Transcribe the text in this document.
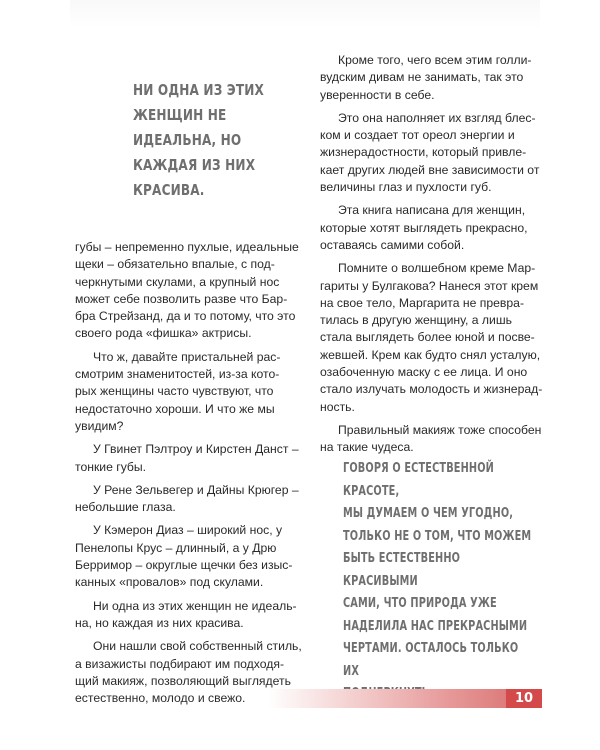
НИ ОДНА ИЗ ЭТИХ
ЖЕНЩИН НЕ
ИДЕАЛЬНА, НО
КАЖДАЯ ИЗ НИХ
КРАСИВА.

губы – непременно пухлые, идеальные
щеки – обязательно впалые, с под-
черкнутыми скулами, а крупный нос
может себе позволить разве что Бар-
бра Стрейзанд, да и то потому, что это
своего рода «фишка» актрисы.

Что ж, давайте пристальней рас-
смотрим знаменитостей, из-за кото-
рых женщины часто чувствуют, что
недостаточно хороши. И что же мы
увидим?

У Гвинет Пэлтроу и Кирстен Данст –
тонкие губы.

У Рене Зельвегер и Дайны Крюгер –
небольшие глаза.

У Кэмерон Диаз – широкий нос, у
Пенелопы Крус – длинный, а у Дрю
Берримор – округлые щечки без изыс-
канных «провалов» под скулами.

Ни одна из этих женщин не идеаль-
на, но каждая из них красива.

Они нашли свой собственный стиль,
а визажисты подбирают им подходя-
щий макияж, позволяющий выглядеть
естественно, молодо и свежо.

Кроме того, чего всем этим голли-
вудским дивам не занимать, так это
уверенности в себе.

Это она наполняет их взгляд блес-
ком и создает тот ореол энергии и
жизнерадостности, который привле-
кает других людей вне зависимости от
величины глаз и пухлости губ.

Эта книга написана для женщин,
которые хотят выглядеть прекрасно,
оставаясь самими собой.

Помните о волшебном креме Мар-
гариты у Булгакова? Нанеся этот крем
на свое тело, Маргарита не превра-
тилась в другую женщину, а лишь
стала выглядеть более юной и посве-
жевшей. Крем как будто снял усталую,
озабоченную маску с ее лица. И оно
стало излучать молодость и жизнерад-
ность.

Правильный макияж тоже способен
на такие чудеса.

ГОВОРЯ О ЕСТЕСТВЕННОЙ КРАСОТЕ,
МЫ ДУМАЕМ О ЧЕМ УГОДНО,
ТОЛЬКО НЕ О ТОМ, ЧТО МОЖЕМ
БЫТЬ ЕСТЕСТВЕННО КРАСИВЫМИ
САМИ, ЧТО ПРИРОДА УЖЕ
НАДЕЛИЛА НАС ПРЕКРАСНЫМИ
ЧЕРТАМИ. ОСТАЛОСЬ ТОЛЬКО ИХ

10
